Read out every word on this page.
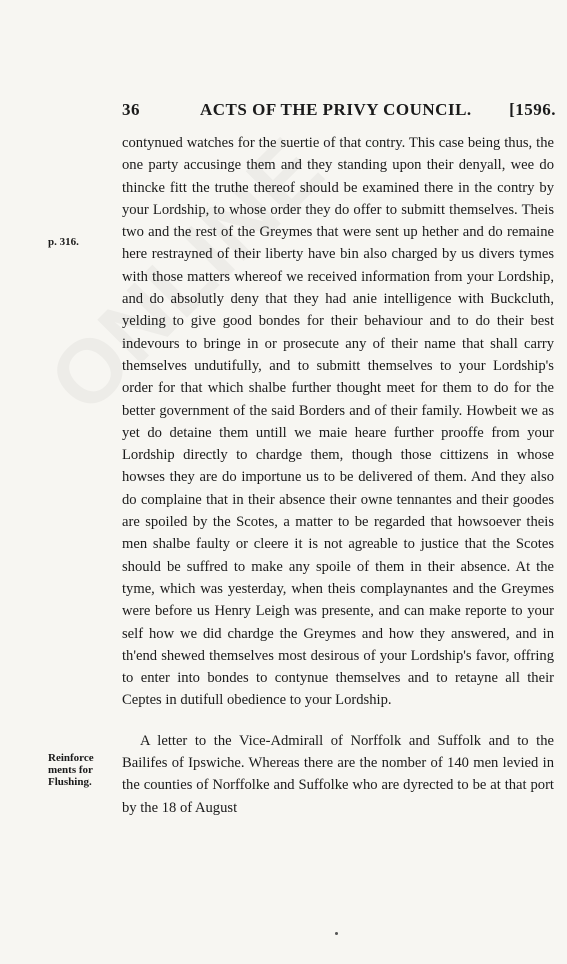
36	ACTS OF THE PRIVY COUNCIL. [1596.
p. 316.
Reinforce ments for Flushing.

contynued watches for the suertie of that contry. This case being thus, the one party accusinge them and they standing upon their denyall, wee do thincke fitt the truthe thereof should be examined there in the contry by your Lordship, to whose order they do offer to submitt themselves. Theis two and the rest of the Greymes that were sent up hether and do remaine here restrayned of their liberty have bin also charged by us divers tymes with those matters whereof we received information from your Lordship, and do absolutly deny that they had anie intelligence with Buckcluth, yelding to give good bondes for their behaviour and to do their best indevours to bringe in or prosecute any of their name that shall carry themselves undutifully, and to submitt themselves to your Lordship's order for that which shalbe further thought meet for them to do for the better government of the said Borders and of their family. Howbeit we as yet do detaine them untill we maie heare further prooffe from your Lordship directly to chardge them, though those cittizens in whose howses they are do importune us to be delivered of them. And they also do complaine that in their absence their owne tennantes and their goodes are spoiled by the Scotes, a matter to be regarded that howsoever theis men shalbe faulty or cleere it is not agreable to justice that the Scotes should be suffred to make any spoile of them in their absence. At the tyme, which was yesterday, when theis complaynantes and the Greymes were before us Henry Leigh was presente, and can make reporte to your self how we did chardge the Greymes and how they answered, and in th'end shewed themselves most desirous of your Lordship's favor, offring to enter into bondes to contynue themselves and to retayne all their Ceptes in dutifull obedience to your Lordship.

A letter to the Vice-Admirall of Norffolk and Suffolk and to the Bailifes of Ipswiche. Whereas there are the nomber of 140 men levied in the counties of Norffolke and Suffolke who are dyrected to be at that port by the 18 of August
